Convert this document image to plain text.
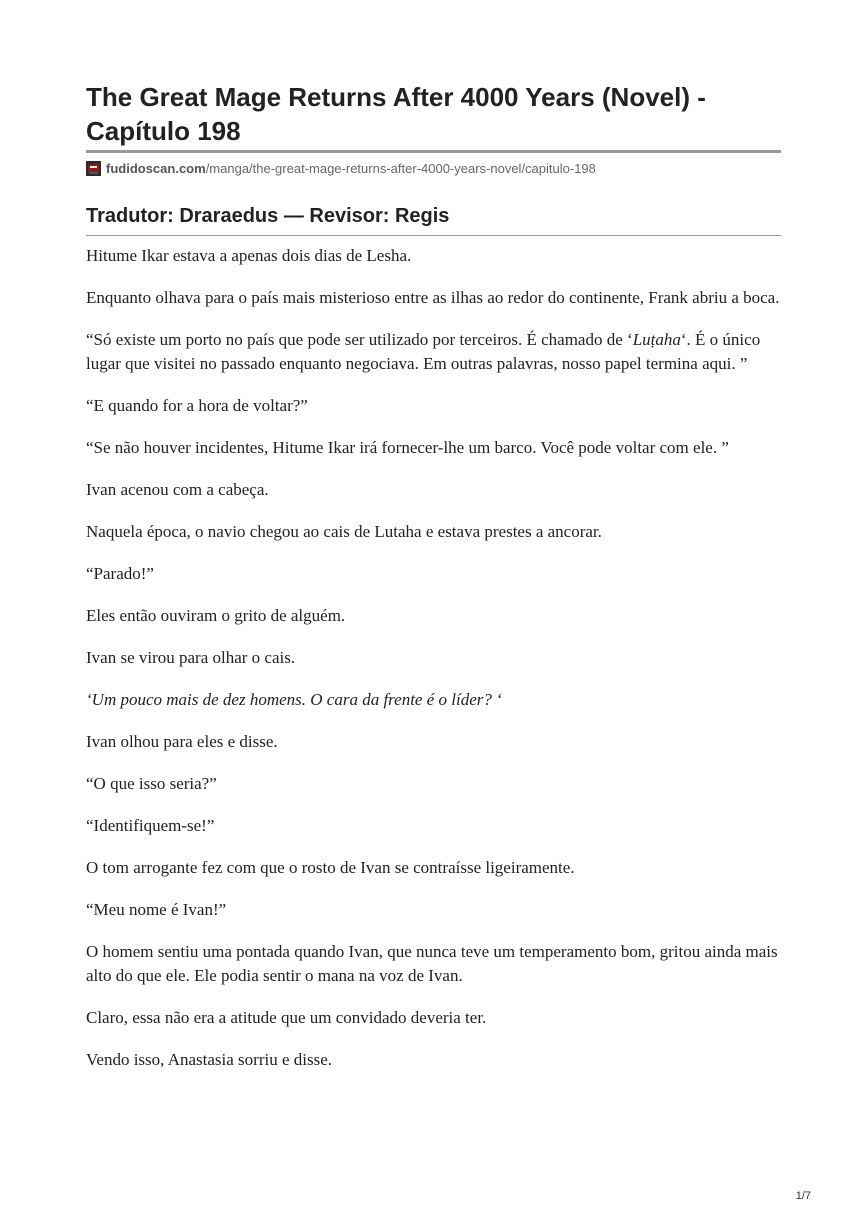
The Great Mage Returns After 4000 Years (Novel) - Capítulo 198
fudidoscan.com /manga/the-great-mage-returns-after-4000-years-novel/capitulo-198
Tradutor: Draraedus — Revisor: Regis

Hitume Ikar estava a apenas dois dias de Lesha.

Enquanto olhava para o país mais misterioso entre as ilhas ao redor do continente, Frank abriu a boca.

“Só existe um porto no país que pode ser utilizado por terceiros. É chamado de ‘Luṭaha‘. É o único lugar que visitei no passado enquanto negociava. Em outras palavras, nosso papel termina aqui. ”

“E quando for a hora de voltar?”

“Se não houver incidentes, Hitume Ikar irá fornecer-lhe um barco. Você pode voltar com ele. ”

Ivan acenou com a cabeça.

Naquela época, o navio chegou ao cais de Lutaha e estava prestes a ancorar.

“Parado!”

Eles então ouviram o grito de alguém.

Ivan se virou para olhar o cais.

‘Um pouco mais de dez homens. O cara da frente é o líder? ‘

Ivan olhou para eles e disse.

“O que isso seria?”

“Identifiquem-se!”

O tom arrogante fez com que o rosto de Ivan se contraísse ligeiramente.

“Meu nome é Ivan!”

O homem sentiu uma pontada quando Ivan, que nunca teve um temperamento bom, gritou ainda mais alto do que ele. Ele podia sentir o mana na voz de Ivan.

Claro, essa não era a atitude que um convidado deveria ter.

Vendo isso, Anastasia sorriu e disse.

1/7
